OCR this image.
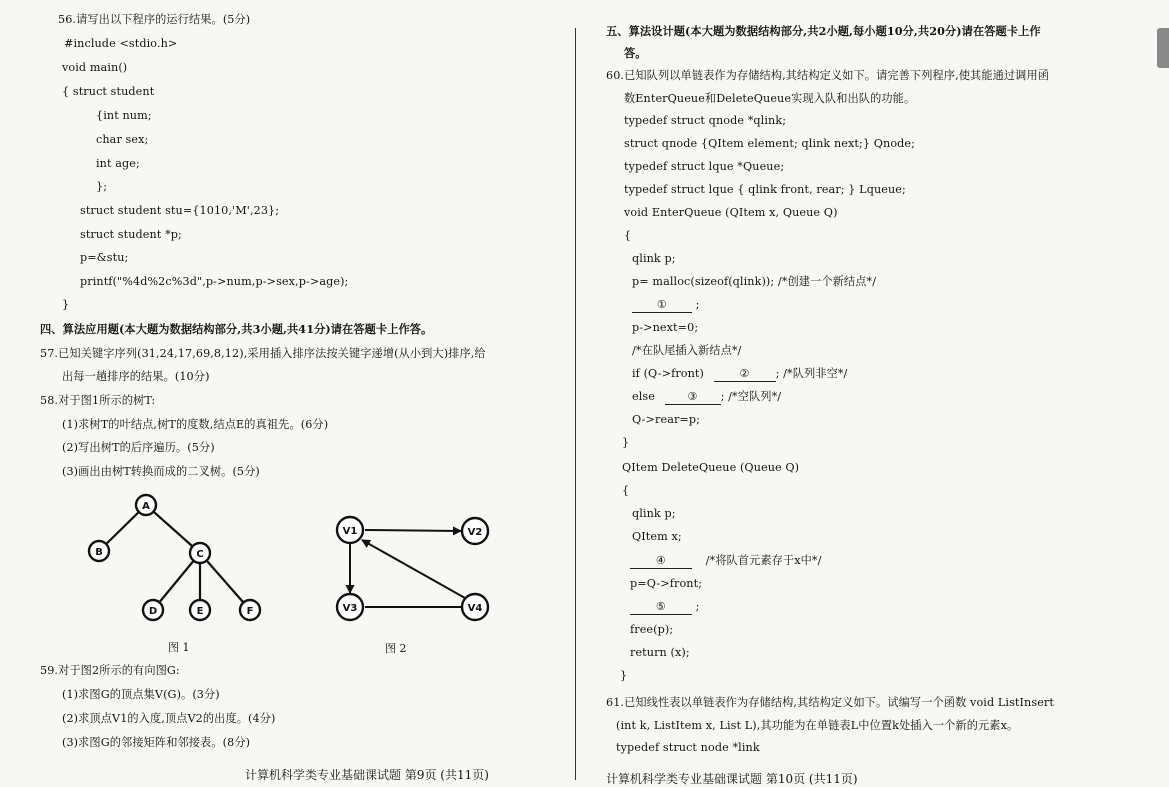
56.请写出以下程序的运行结果。(5分)
#include <stdio.h>
void main()
{ struct student
{int num;
char sex;
int age;
};
struct student stu={1010,'M',23};
struct student *p;
p=&stu;
printf("%4d%2c%3d",p->num,p->sex,p->age);
}
四、算法应用题(本大题为数据结构部分,共3小题,共41分)请在答题卡上作答。
57.已知关键字序列(31,24,17,69,8,12),采用插入排序法按关键字递增(从小到大)排序,给
出每一趟排序的结果。(10分)
58.对于图1所示的树T:
(1)求树T的叶结点,树T的度数,结点E的真祖先。(6分)
(2)写出树T的后序遍历。(5分)
(3)画出由树T转换而成的二叉树。(5分)
A
B	C
D	E	F
图 1
V1	V2
V3	V4
图 2
59.对于图2所示的有向图G:
(1)求图G的顶点集V(G)。(3分)
(2)求顶点V1的入度,顶点V2的出度。(4分)
(3)求图G的邻接矩阵和邻接表。(8分)
计算机科学类专业基础课试题 第9页 (共11页)
五、算法设计题(本大题为数据结构部分,共2小题,每小题10分,共20分)请在答题卡上作
答。
60.已知队列以单链表作为存储结构,其结构定义如下。请完善下列程序,使其能通过调用函
数EnterQueue和DeleteQueue实现入队和出队的功能。
typedef struct qnode *qlink;
struct qnode {QItem element; qlink next;} Qnode;
typedef struct lque *Queue;
typedef struct lque { qlink front, rear; } Lqueue;
void EnterQueue (QItem x, Queue Q)
{
qlink p;
p= malloc(sizeof(qlink)); /*创建一个新结点*/
① ;
p->next=0;
/*在队尾插入新结点*/
if (Q->front)	② ; /*队列非空*/
else	③ ; /*空队列*/
Q->rear=p;
}
QItem DeleteQueue (Queue Q)
{
qlink p;
QItem x;
④	/*将队首元素存于x中*/
p=Q->front;
⑤ ;
free(p);
return (x);
}
61.已知线性表以单链表作为存储结构,其结构定义如下。试编写一个函数 void ListInsert
(int k, ListItem x, List L),其功能为在单链表L中位置k处插入一个新的元素x。
typedef struct node *link
计算机科学类专业基础课试题 第10页 (共11页)
